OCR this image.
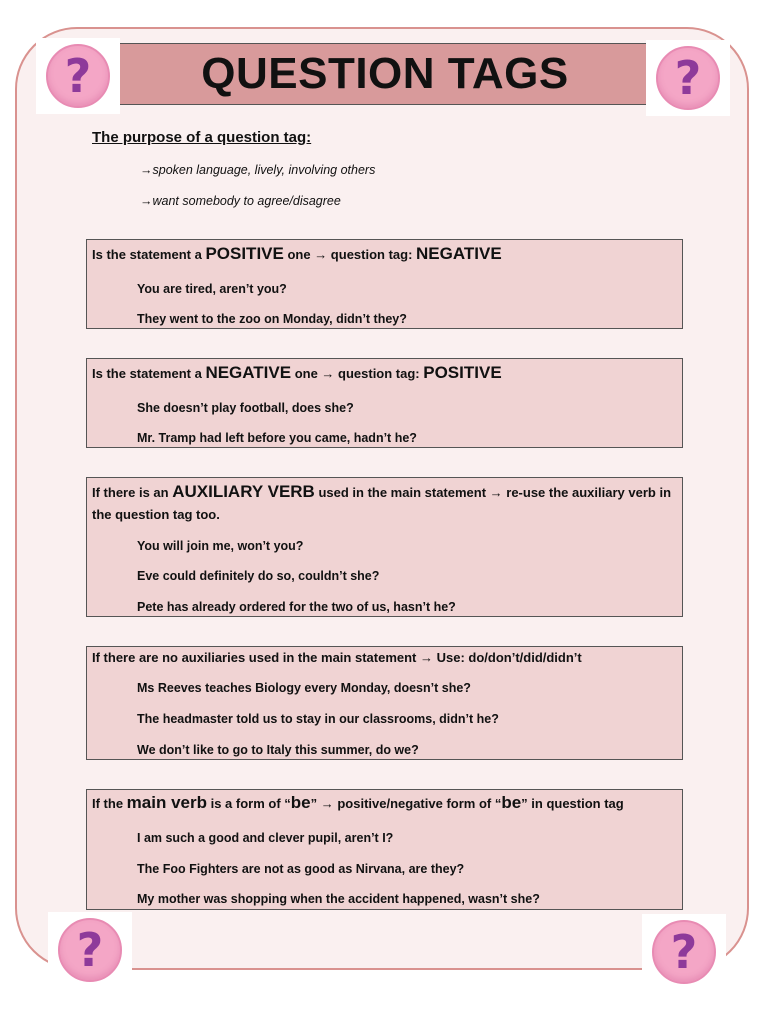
QUESTION TAGS
?	?
?	?
The purpose of a question tag:
→spoken language, lively, involving others
→want somebody to agree/disagree
Is the statement a POSITIVE one → question tag: NEGATIVE
You are tired, aren’t you?
They went to the zoo on Monday, didn’t they?
Is the statement a NEGATIVE one → question tag: POSITIVE
She doesn’t play football, does she?
Mr. Tramp had left before you came, hadn’t he?
If there is an AUXILIARY VERB used in the main statement → re-use the auxiliary verb in the question tag too.
You will join me, won’t you?
Eve could definitely do so, couldn’t she?
Pete has already ordered for the two of us, hasn’t he?
If there are no auxiliaries used in the main statement → Use: do/don’t/did/didn’t
Ms Reeves teaches Biology every Monday, doesn’t she?
The headmaster told us to stay in our classrooms, didn’t he?
We don’t like to go to Italy this summer, do we?
If the main verb is a form of “be” → positive/negative form of “be” in question tag
I am such a good and clever pupil, aren’t I?
The Foo Fighters are not as good as Nirvana, are they?
My mother was shopping when the accident happened, wasn’t she?
